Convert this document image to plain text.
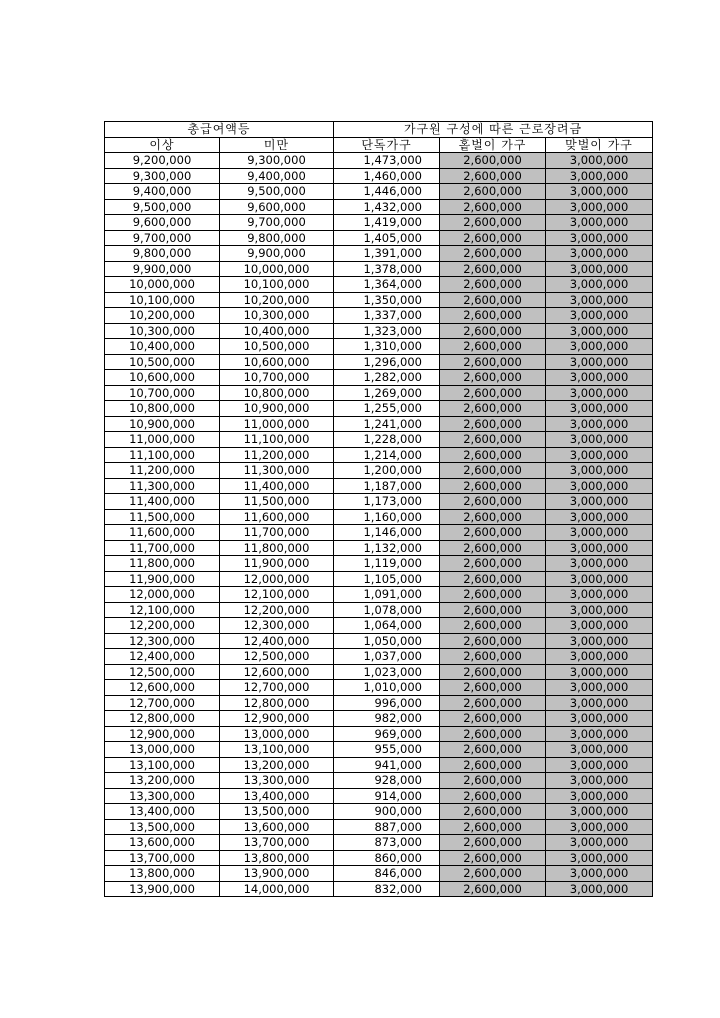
총급여액등		가구원 구성에 따른 근로장려금		
이상	미만	단독가구	홑벌이 가구	맞벌이 가구
9,200,000	9,300,000	1,473,000	2,600,000	3,000,000
9,300,000	9,400,000	1,460,000	2,600,000	3,000,000
9,400,000	9,500,000	1,446,000	2,600,000	3,000,000
9,500,000	9,600,000	1,432,000	2,600,000	3,000,000
9,600,000	9,700,000	1,419,000	2,600,000	3,000,000
9,700,000	9,800,000	1,405,000	2,600,000	3,000,000
9,800,000	9,900,000	1,391,000	2,600,000	3,000,000
9,900,000	10,000,000	1,378,000	2,600,000	3,000,000
10,000,000	10,100,000	1,364,000	2,600,000	3,000,000
10,100,000	10,200,000	1,350,000	2,600,000	3,000,000
10,200,000	10,300,000	1,337,000	2,600,000	3,000,000
10,300,000	10,400,000	1,323,000	2,600,000	3,000,000
10,400,000	10,500,000	1,310,000	2,600,000	3,000,000
10,500,000	10,600,000	1,296,000	2,600,000	3,000,000
10,600,000	10,700,000	1,282,000	2,600,000	3,000,000
10,700,000	10,800,000	1,269,000	2,600,000	3,000,000
10,800,000	10,900,000	1,255,000	2,600,000	3,000,000
10,900,000	11,000,000	1,241,000	2,600,000	3,000,000
11,000,000	11,100,000	1,228,000	2,600,000	3,000,000
11,100,000	11,200,000	1,214,000	2,600,000	3,000,000
11,200,000	11,300,000	1,200,000	2,600,000	3,000,000
11,300,000	11,400,000	1,187,000	2,600,000	3,000,000
11,400,000	11,500,000	1,173,000	2,600,000	3,000,000
11,500,000	11,600,000	1,160,000	2,600,000	3,000,000
11,600,000	11,700,000	1,146,000	2,600,000	3,000,000
11,700,000	11,800,000	1,132,000	2,600,000	3,000,000
11,800,000	11,900,000	1,119,000	2,600,000	3,000,000
11,900,000	12,000,000	1,105,000	2,600,000	3,000,000
12,000,000	12,100,000	1,091,000	2,600,000	3,000,000
12,100,000	12,200,000	1,078,000	2,600,000	3,000,000
12,200,000	12,300,000	1,064,000	2,600,000	3,000,000
12,300,000	12,400,000	1,050,000	2,600,000	3,000,000
12,400,000	12,500,000	1,037,000	2,600,000	3,000,000
12,500,000	12,600,000	1,023,000	2,600,000	3,000,000
12,600,000	12,700,000	1,010,000	2,600,000	3,000,000
12,700,000	12,800,000	996,000	2,600,000	3,000,000
12,800,000	12,900,000	982,000	2,600,000	3,000,000
12,900,000	13,000,000	969,000	2,600,000	3,000,000
13,000,000	13,100,000	955,000	2,600,000	3,000,000
13,100,000	13,200,000	941,000	2,600,000	3,000,000
13,200,000	13,300,000	928,000	2,600,000	3,000,000
13,300,000	13,400,000	914,000	2,600,000	3,000,000
13,400,000	13,500,000	900,000	2,600,000	3,000,000
13,500,000	13,600,000	887,000	2,600,000	3,000,000
13,600,000	13,700,000	873,000	2,600,000	3,000,000
13,700,000	13,800,000	860,000	2,600,000	3,000,000
13,800,000	13,900,000	846,000	2,600,000	3,000,000
13,900,000	14,000,000	832,000	2,600,000	3,000,000
